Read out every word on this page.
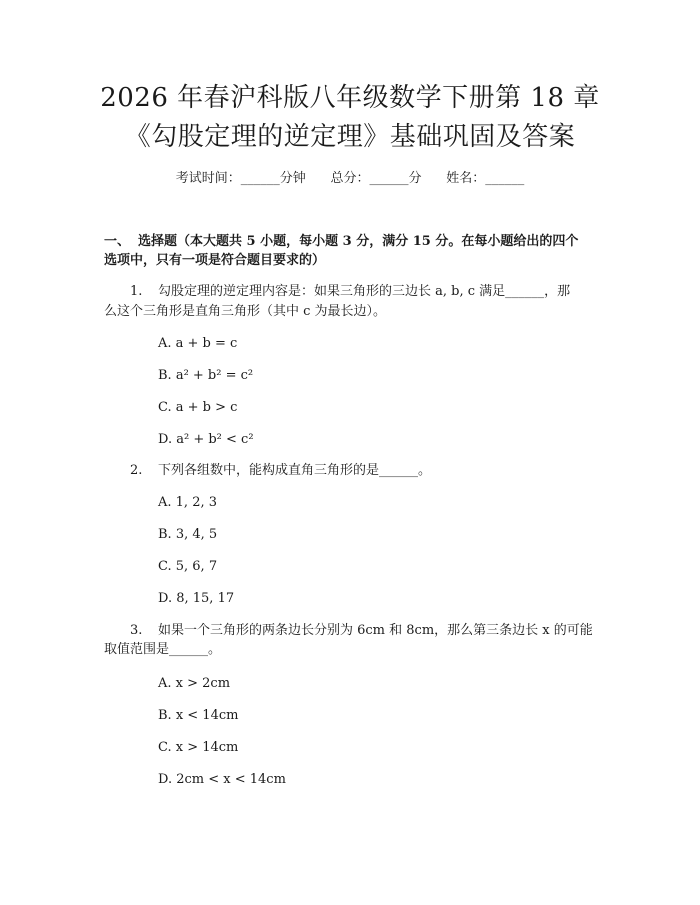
2026 年春沪科版八年级数学下册第 18 章
《勾股定理的逆定理》基础巩固及答案
考试时间：______分钟      总分：______分      姓名：______
一、 选择题（本大题共 5 小题，每小题 3 分，满分 15 分。在每小题给出的四个
选项中，只有一项是符合题目要求的）
1. 勾股定理的逆定理内容是：如果三角形的三边长 a, b, c 满足______，那
么这个三角形是直角三角形（其中 c 为最长边）。
A. a + b = c
B. a² + b² = c²
C. a + b > c
D. a² + b² < c²
2. 下列各组数中，能构成直角三角形的是______。
A. 1, 2, 3
B. 3, 4, 5
C. 5, 6, 7
D. 8, 15, 17
3. 如果一个三角形的两条边长分别为 6cm 和 8cm，那么第三条边长 x 的可能
取值范围是______。
A. x > 2cm
B. x < 14cm
C. x > 14cm
D. 2cm < x < 14cm
